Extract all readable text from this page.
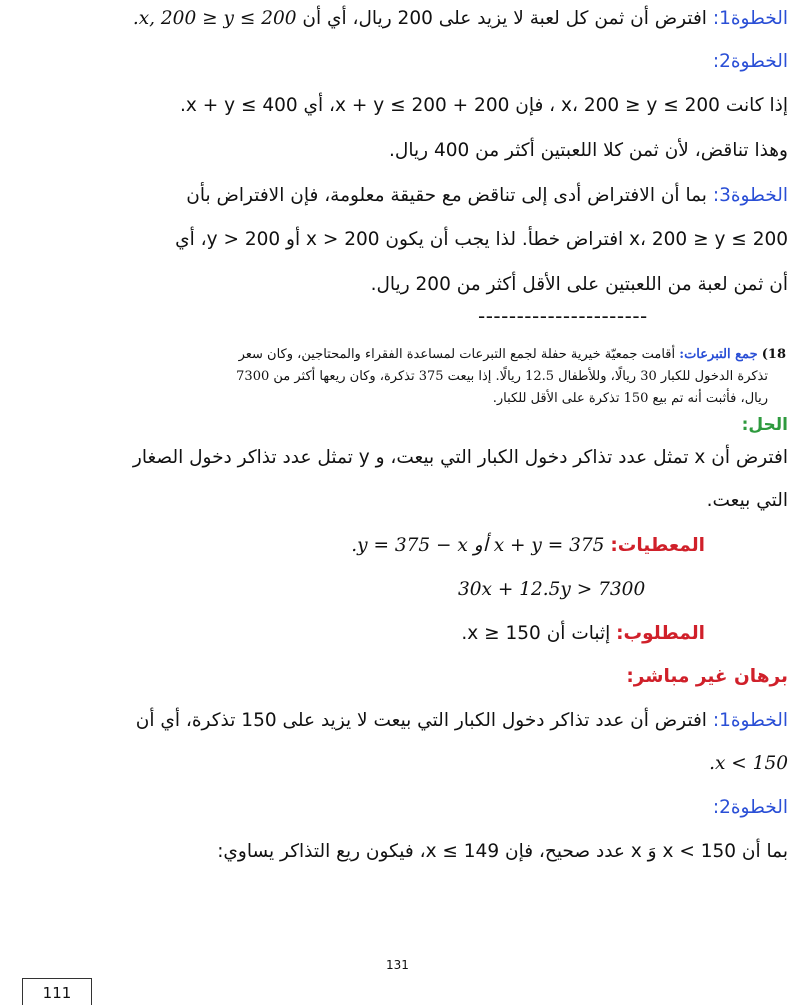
الخطوة1: افترض أن ثمن كل لعبة لا يزيد على 200 ريال، أي أن 200 ≥ x, 200 ≥ y.
الخطوة2:
إذا كانت 200 ≥ x، 200 ≥ y ، فإن 200 + 200 ≥ x + y، أي 400 ≥ x + y.
وهذا تناقض، لأن ثمن كلا اللعبتين أكثر من 400 ريال.
الخطوة3: بما أن الافتراض أدى إلى تناقض مع حقيقة معلومة، فإن الافتراض بأن
200 ≥ x، 200 ≥ y افتراض خطأ. لذا يجب أن يكون x > 200 أو y > 200، أي
أن ثمن لعبة من اللعبتين على الأقل أكثر من 200 ريال.
----------------------
18) جمع التبرعات: أقامت جمعيّة خيرية حفلة لجمع التبرعات لمساعدة الفقراء والمحتاجين، وكان سعر
تذكرة الدخول للكبار 30 ريالًا، وللأطفال 12.5 ريالًا. إذا بيعت 375 تذكرة، وكان ريعها أكثر من 7300
ريال، فأثبت أنه تم بيع 150 تذكرة على الأقل للكبار.
الحل:
افترض أن x تمثل عدد تذاكر دخول الكبار التي بيعت، و y تمثل عدد تذاكر دخول الصغار
التي بيعت.
المعطيات: x + y = 375 أو y = 375 − x.
30x + 12.5y > 7300
المطلوب: إثبات أن x ≥ 150.
برهان غير مباشر:
الخطوة1: افترض أن عدد تذاكر دخول الكبار التي بيعت لا يزيد على 150 تذكرة، أي أن
x < 150.
الخطوة2:
بما أن x < 150 وَ x عدد صحيح، فإن x ≤ 149، فيكون ريع التذاكر يساوي:
131
111
